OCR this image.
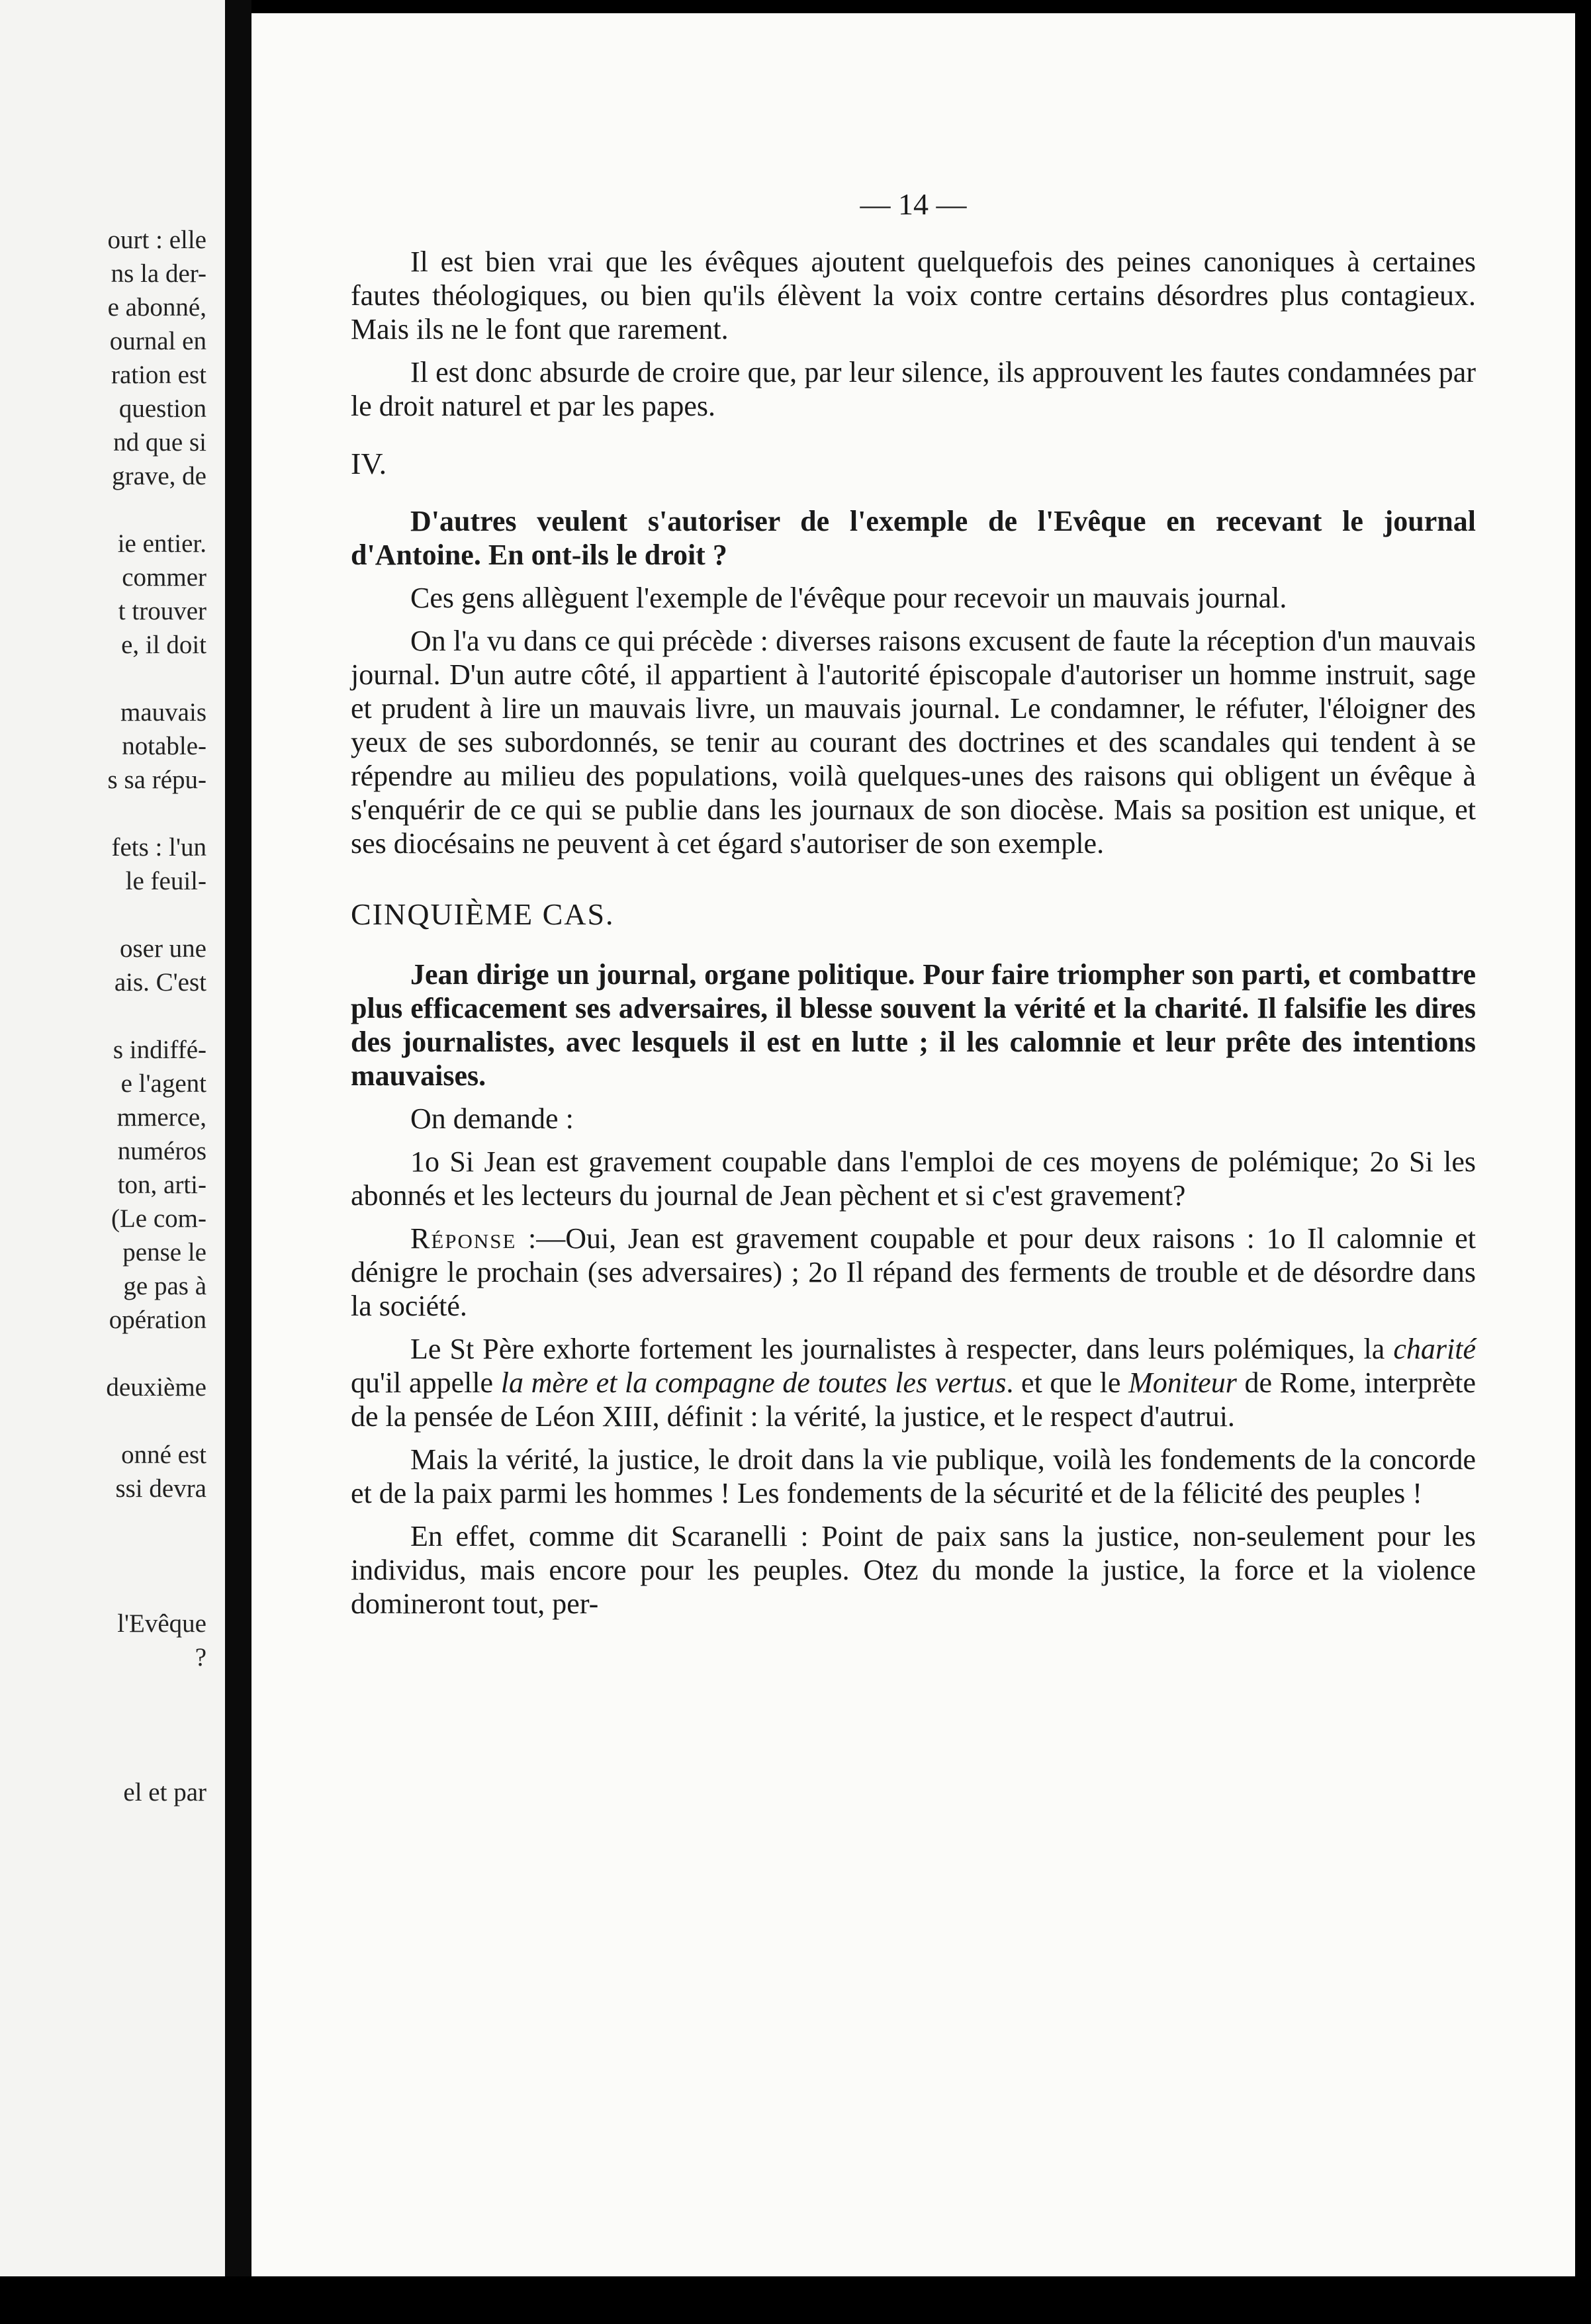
ourt : elle
ns la der-
e abonné,
ournal en
ration est
question
nd que si
grave, de
ie entier.
commer
t trouver
e, il doit
mauvais
notable-
s sa répu-
fets : l'un
le feuil-
oser une
ais. C'est
s indiffé-
e l'agent
mmerce,
numéros
ton, arti-
(Le com-
pense le
ge pas à
opération
deuxième
onné est
ssi devra
l'Evêque
?
el et par
— 14 —

Il est bien vrai que les évêques ajoutent quelquefois des peines canoniques à certaines fautes théologiques, ou bien qu'ils élèvent la voix contre certains désordres plus contagieux. Mais ils ne le font que rarement.

Il est donc absurde de croire que, par leur silence, ils approuvent les fautes condamnées par le droit naturel et par les papes.

IV.

D'autres veulent s'autoriser de l'exemple de l'Evêque en recevant le journal d'Antoine. En ont-ils le droit ?

Ces gens allèguent l'exemple de l'évêque pour recevoir un mauvais journal.

On l'a vu dans ce qui précède : diverses raisons excusent de faute la réception d'un mauvais journal. D'un autre côté, il appartient à l'autorité épiscopale d'autoriser un homme instruit, sage et prudent à lire un mauvais livre, un mauvais journal. Le condamner, le réfuter, l'éloigner des yeux de ses subordonnés, se tenir au courant des doctrines et des scandales qui tendent à se répendre au milieu des populations, voilà quelques-unes des raisons qui obligent un évêque à s'enquérir de ce qui se publie dans les journaux de son diocèse. Mais sa position est unique, et ses diocésains ne peuvent à cet égard s'autoriser de son exemple.

CINQUIÈME CAS.

Jean dirige un journal, organe politique. Pour faire triompher son parti, et combattre plus efficacement ses adversaires, il blesse souvent la vérité et la charité. Il falsifie les dires des journalistes, avec lesquels il est en lutte ; il les calomnie et leur prête des intentions mauvaises.

On demande :

1o Si Jean est gravement coupable dans l'emploi de ces moyens de polémique; 2o Si les abonnés et les lecteurs du journal de Jean pèchent et si c'est gravement?

Réponse :—Oui, Jean est gravement coupable et pour deux raisons : 1o Il calomnie et dénigre le prochain (ses adversaires) ; 2o Il répand des ferments de trouble et de désordre dans la société.

Le St Père exhorte fortement les journalistes à respecter, dans leurs polémiques, la charité qu'il appelle la mère et la compagne de toutes les vertus. et que le Moniteur de Rome, interprète de la pensée de Léon XIII, définit : la vérité, la justice, et le respect d'autrui.

Mais la vérité, la justice, le droit dans la vie publique, voilà les fondements de la concorde et de la paix parmi les hommes ! Les fondements de la sécurité et de la félicité des peuples !

En effet, comme dit Scaranelli : Point de paix sans la justice, non-seulement pour les individus, mais encore pour les peuples. Otez du monde la justice, la force et la violence domineront tout, per-
